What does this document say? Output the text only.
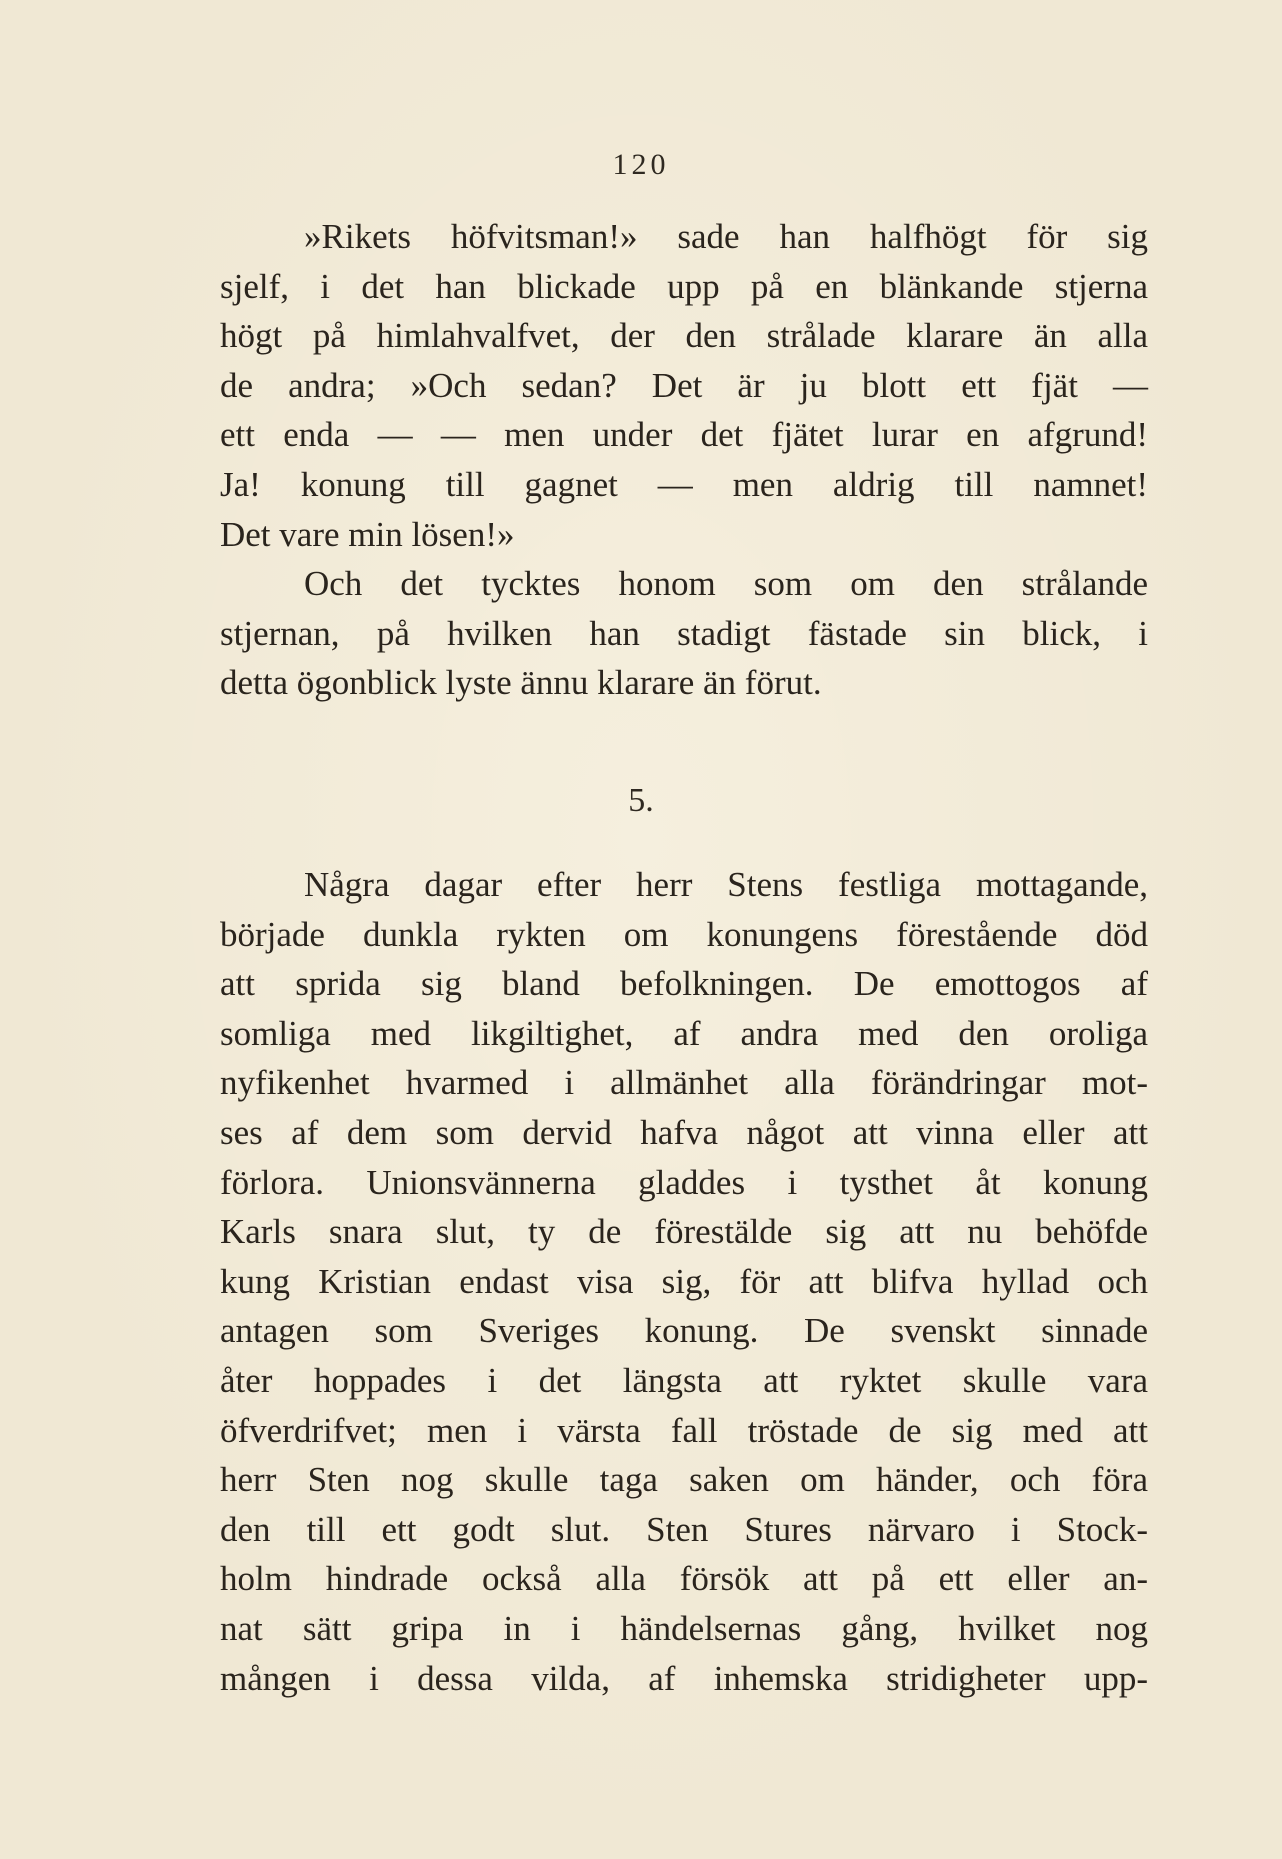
120
»Rikets höfvitsman!» sade han halfhögt för sig
sjelf, i det han blickade upp på en blänkande stjerna
högt på himlahvalfvet, der den strålade klarare än alla
de andra; »Och sedan? Det är ju blott ett fjät —
ett enda — — men under det fjätet lurar en afgrund!
Ja! konung till gagnet — men aldrig till namnet!
Det vare min lösen!»
Och det tycktes honom som om den strålande
stjernan, på hvilken han stadigt fästade sin blick, i
detta ögonblick lyste ännu klarare än förut.
5.
Några dagar efter herr Stens festliga mottagande,
började dunkla rykten om konungens förestående död
att sprida sig bland befolkningen. De emottogos af
somliga med likgiltighet, af andra med den oroliga
nyfikenhet hvarmed i allmänhet alla förändringar mot-
ses af dem som dervid hafva något att vinna eller att
förlora. Unionsvännerna gladdes i tysthet åt konung
Karls snara slut, ty de förestälde sig att nu behöfde
kung Kristian endast visa sig, för att blifva hyllad och
antagen som Sveriges konung. De svenskt sinnade
åter hoppades i det längsta att ryktet skulle vara
öfverdrifvet; men i värsta fall tröstade de sig med att
herr Sten nog skulle taga saken om händer, och föra
den till ett godt slut. Sten Stures närvaro i Stock-
holm hindrade också alla försök att på ett eller an-
nat sätt gripa in i händelsernas gång, hvilket nog
mången i dessa vilda, af inhemska stridigheter upp-
